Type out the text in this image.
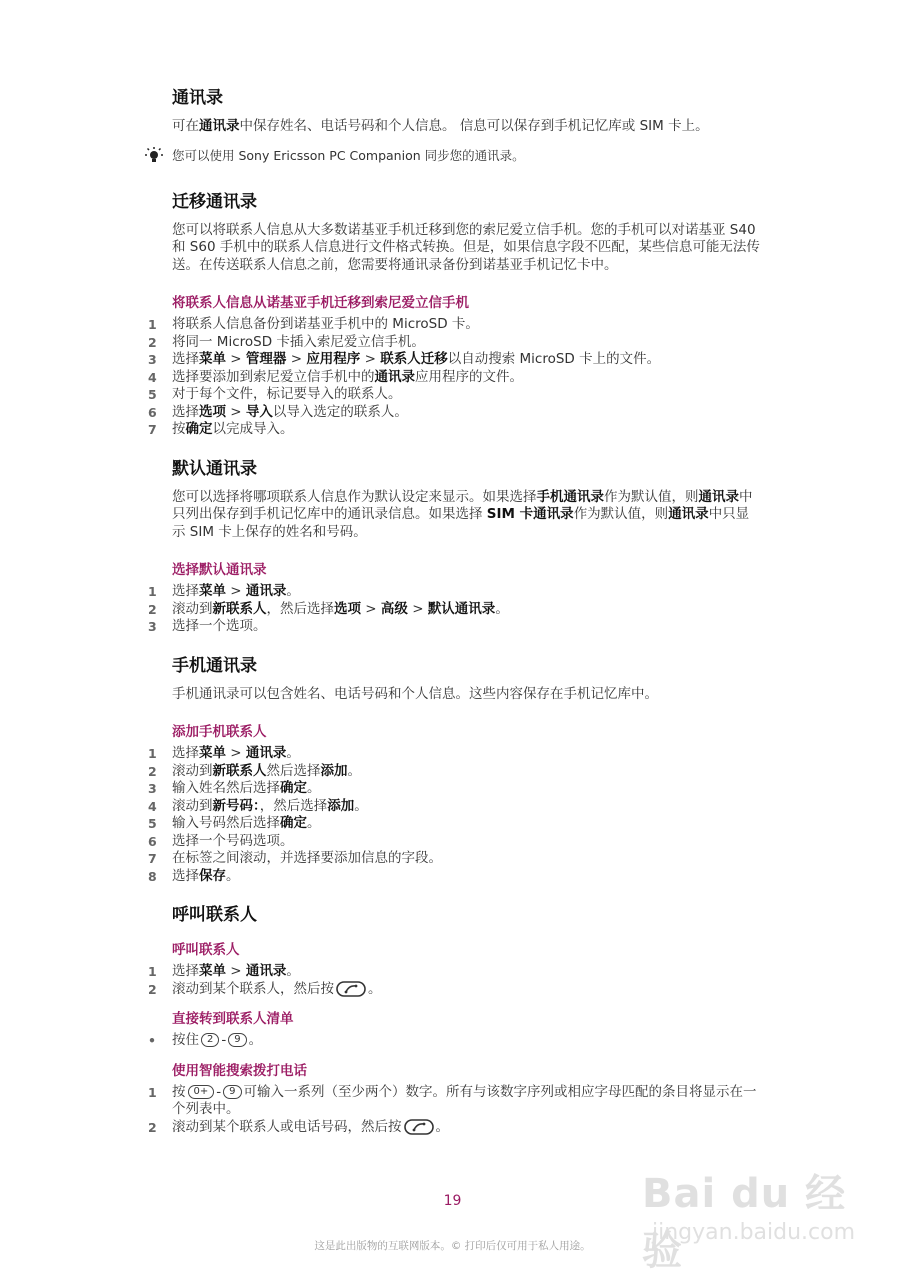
通讯录

可在通讯录中保存姓名、电话号码和个人信息。 信息可以保存到手机记忆库或 SIM 卡上。

您可以使用 Sony Ericsson PC Companion 同步您的通讯录。
迁移通讯录

您可以将联系人信息从大多数诺基亚手机迁移到您的索尼爱立信手机。您的手机可以对诺基亚 S40 和 S60 手机中的联系人信息进行文件格式转换。但是，如果信息字段不匹配，某些信息可能无法传送。在传送联系人信息之前，您需要将通讯录备份到诺基亚手机记忆卡中。

将联系人信息从诺基亚手机迁移到索尼爱立信手机
1	将联系人信息备份到诺基亚手机中的 MicroSD 卡。
2	将同一 MicroSD 卡插入索尼爱立信手机。
3	选择菜单 > 管理器 > 应用程序 > 联系人迁移以自动搜索 MicroSD 卡上的文件。
4	选择要添加到索尼爱立信手机中的通讯录应用程序的文件。
5	对于每个文件，标记要导入的联系人。
6	选择选项 > 导入以导入选定的联系人。
7	按确定以完成导入。
默认通讯录

您可以选择将哪项联系人信息作为默认设定来显示。如果选择手机通讯录作为默认值，则通讯录中只列出保存到手机记忆库中的通讯录信息。如果选择 SIM 卡通讯录作为默认值，则通讯录中只显示 SIM 卡上保存的姓名和号码。

选择默认通讯录
1	选择菜单 > 通讯录。
2	滚动到新联系人，然后选择选项 > 高级 > 默认通讯录。
3	选择一个选项。
手机通讯录

手机通讯录可以包含姓名、电话号码和个人信息。这些内容保存在手机记忆库中。

添加手机联系人
1	选择菜单 > 通讯录。
2	滚动到新联系人然后选择添加。
3	输入姓名然后选择确定。
4	滚动到新号码：，然后选择添加。
5	输入号码然后选择确定。
6	选择一个号码选项。
7	在标签之间滚动，并选择要添加信息的字段。
8	选择保存。
呼叫联系人
呼叫联系人
1	选择菜单 > 通讯录。
2	滚动到某个联系人，然后按	。
直接转到联系人清单
•	按住 2 - 9 。
使用智能搜索拨打电话
1	按 0+ - 9 可输入一系列（至少两个）数字。所有与该数字序列或相应字母匹配的条目将显示在一个列表中。
2	滚动到某个联系人或电话号码，然后按	。
Bai du 经验
jingyan.baidu.com
19
这是此出版物的互联网版本。© 打印后仅可用于私人用途。
